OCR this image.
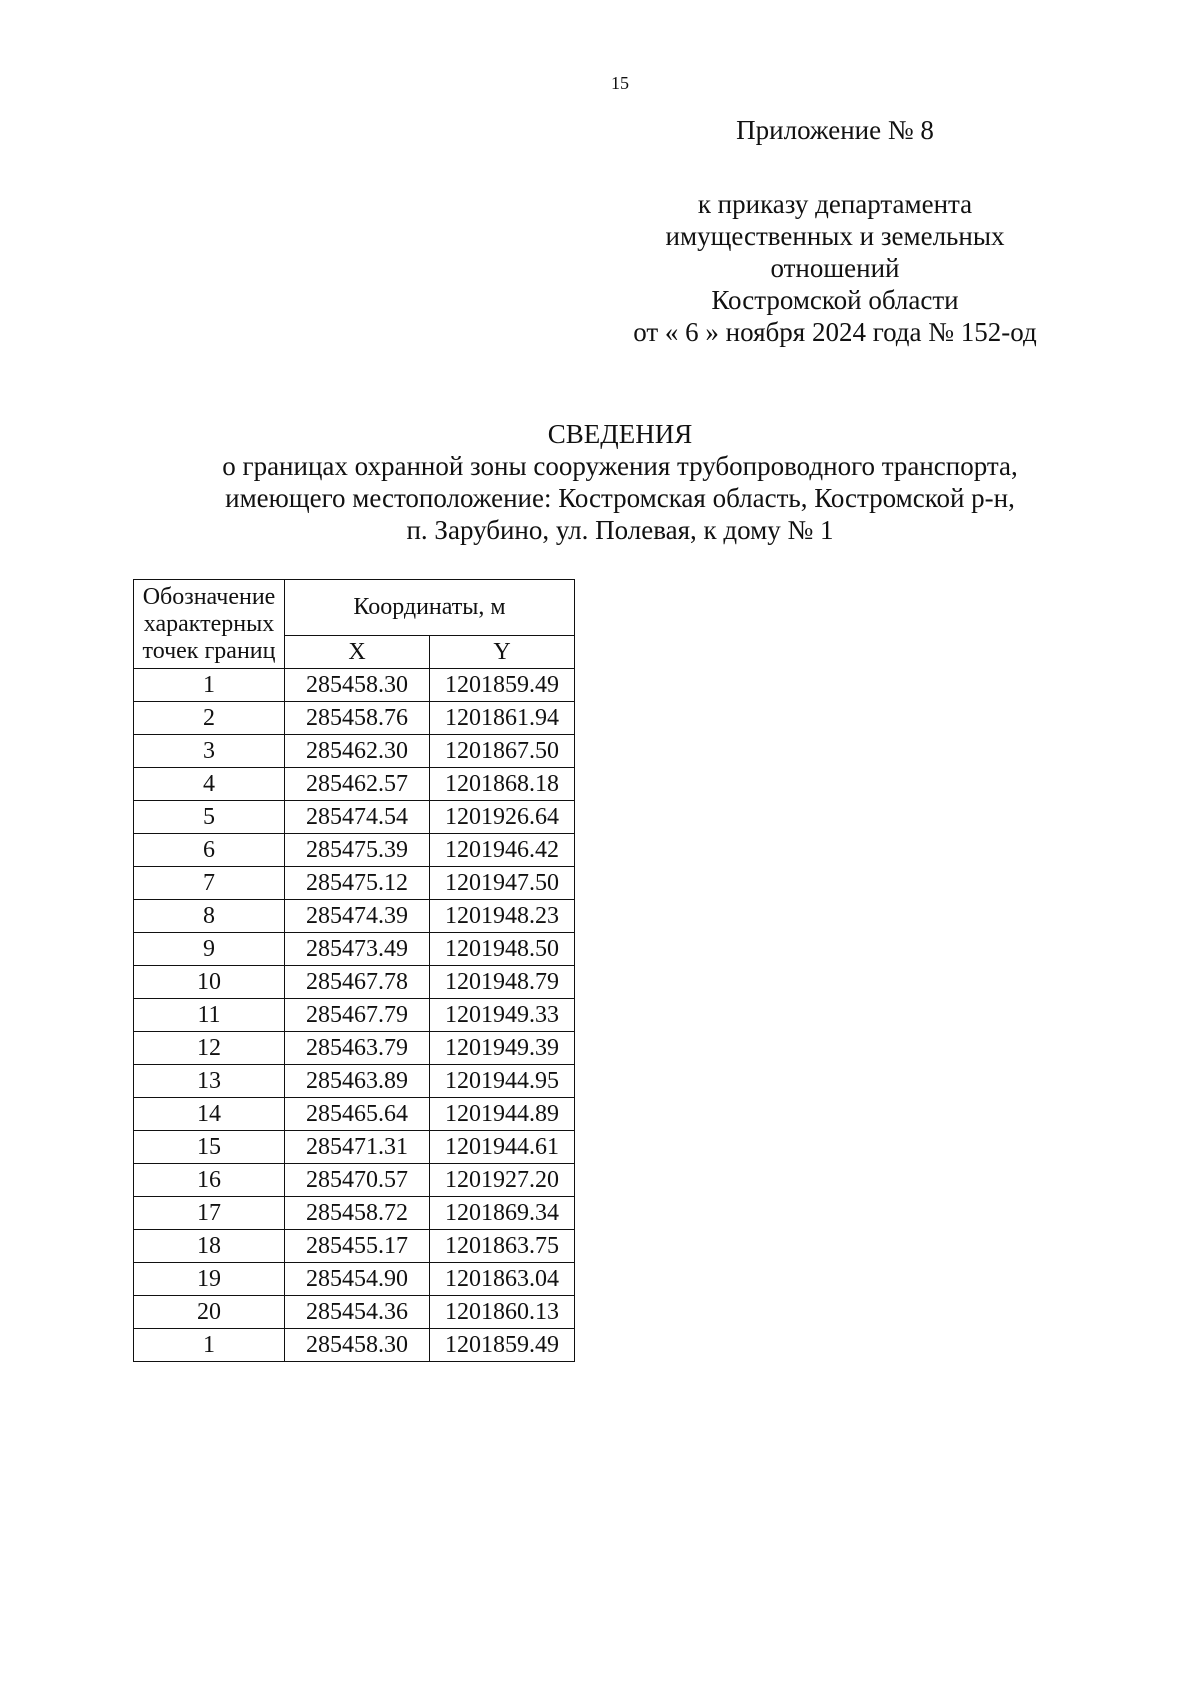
15
Приложение № 8
к приказу департамента
имущественных и земельных
отношений
Костромской области
от « 6 » ноября 2024 года № 152-од
СВЕДЕНИЯ
о границах охранной зоны сооружения трубопроводного транспорта,
имеющего местоположение: Костромская область, Костромской р-н,
п. Зарубино, ул. Полевая, к дому № 1
Обозначение
характерных
точек границ	Координаты, м	
	X	Y
1	285458.30	1201859.49
2	285458.76	1201861.94
3	285462.30	1201867.50
4	285462.57	1201868.18
5	285474.54	1201926.64
6	285475.39	1201946.42
7	285475.12	1201947.50
8	285474.39	1201948.23
9	285473.49	1201948.50
10	285467.78	1201948.79
11	285467.79	1201949.33
12	285463.79	1201949.39
13	285463.89	1201944.95
14	285465.64	1201944.89
15	285471.31	1201944.61
16	285470.57	1201927.20
17	285458.72	1201869.34
18	285455.17	1201863.75
19	285454.90	1201863.04
20	285454.36	1201860.13
1	285458.30	1201859.49
